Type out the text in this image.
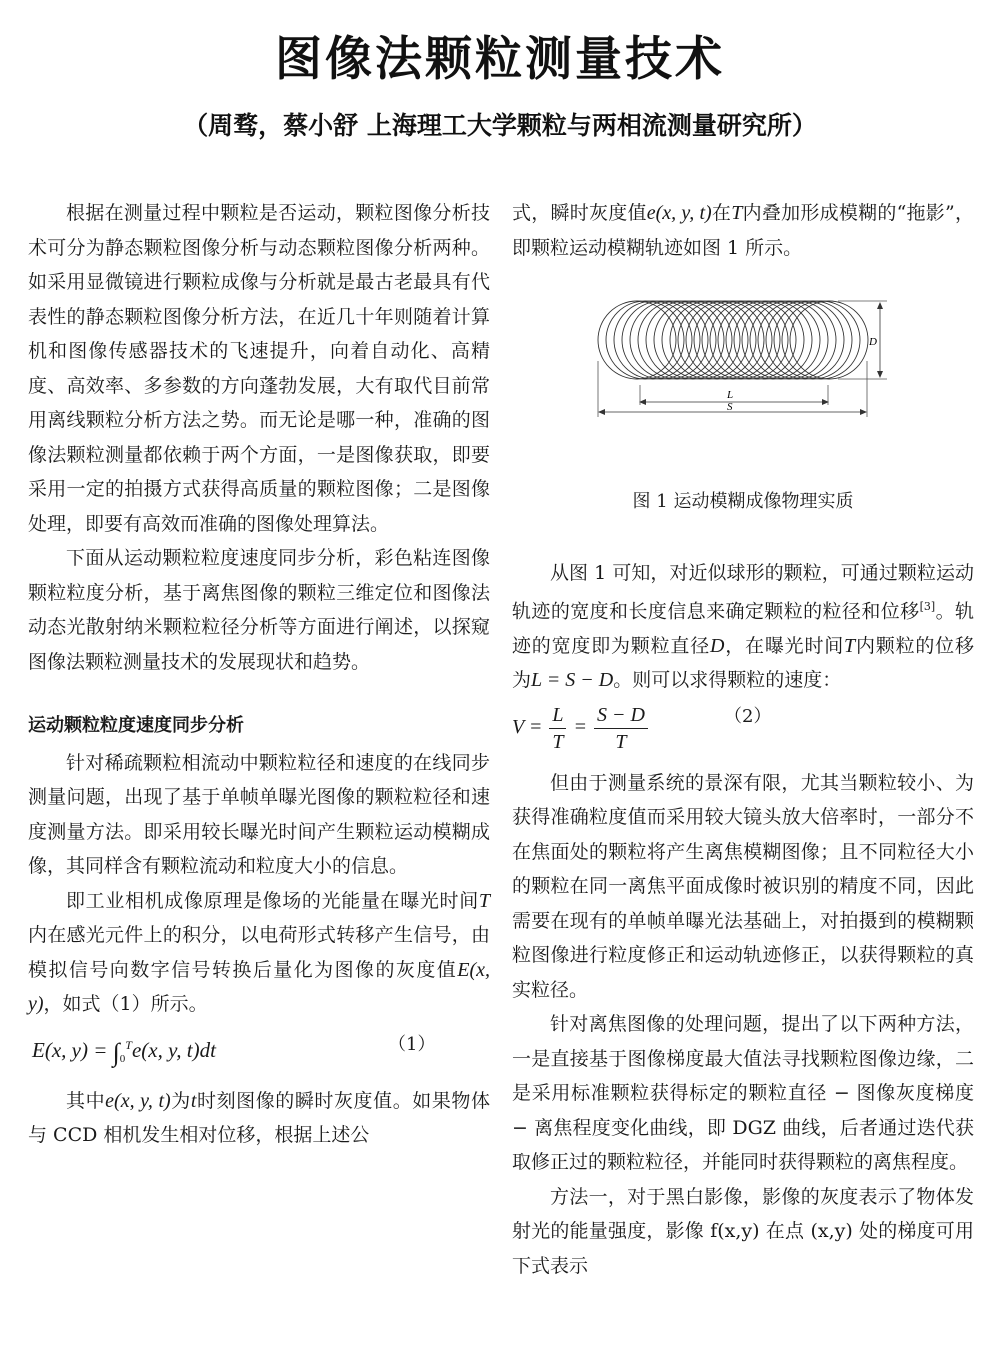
图像法颗粒测量技术
（周骛，蔡小舒 上海理工大学颗粒与两相流测量研究所）

根据在测量过程中颗粒是否运动，颗粒图像分析技术可分为静态颗粒图像分析与动态颗粒图像分析两种。如采用显微镜进行颗粒成像与分析就是最古老最具有代表性的静态颗粒图像分析方法，在近几十年则随着计算机和图像传感器技术的飞速提升，向着自动化、高精度、高效率、多参数的方向蓬勃发展，大有取代目前常用离线颗粒分析方法之势。而无论是哪一种，准确的图像法颗粒测量都依赖于两个方面，一是图像获取，即要采用一定的拍摄方式获得高质量的颗粒图像；二是图像处理，即要有高效而准确的图像处理算法。

下面从运动颗粒粒度速度同步分析，彩色粘连图像颗粒粒度分析，基于离焦图像的颗粒三维定位和图像法动态光散射纳米颗粒粒径分析等方面进行阐述，以探窥图像法颗粒测量技术的发展现状和趋势。

运动颗粒粒度速度同步分析

针对稀疏颗粒相流动中颗粒粒径和速度的在线同步测量问题，出现了基于单帧单曝光图像的颗粒粒径和速度测量方法。即采用较长曝光时间产生颗粒运动模糊成像，其同样含有颗粒流动和粒度大小的信息。

即工业相机成像原理是像场的光能量在曝光时间T内在感光元件上的积分，以电荷形式转移产生信号，由模拟信号向数字信号转换后量化为图像的灰度值E(x, y)，如式（1）所示。

E(x, $y) = \int_0^Te(x$, y, t)dt	（1）

其中e(x, y, t)为t时刻图像的瞬时灰度值。如果物体与 CCD 相机发生相对位移，根据上述公

式，瞬时灰度值e(x, y, t)在T内叠加形成模糊的“拖影”，即颗粒运动模糊轨迹如图 1 所示。

D
L
S
图 1 运动模糊成像物理实质

从图 1 可知，对近似球形的颗粒，可通过颗粒运动轨迹的宽度和长度信息来确定颗粒的粒径和位移[3]。轨迹的宽度即为颗粒直径D，在曝光时间T内颗粒的位移为L = S − D。则可以求得颗粒的速度：

$V = \frac{L}{T} = \frac{S - D}{T}$	（2）

但由于测量系统的景深有限，尤其当颗粒较小、为获得准确粒度值而采用较大镜头放大倍率时，一部分不在焦面处的颗粒将产生离焦模糊图像；且不同粒径大小的颗粒在同一离焦平面成像时被识别的精度不同，因此需要在现有的单帧单曝光法基础上，对拍摄到的模糊颗粒图像进行粒度修正和运动轨迹修正，以获得颗粒的真实粒径。

针对离焦图像的处理问题，提出了以下两种方法，一是直接基于图像梯度最大值法寻找颗粒图像边缘，二是采用标准颗粒获得标定的颗粒直径 − 图像灰度梯度 − 离焦程度变化曲线，即 DGZ 曲线，后者通过迭代获取修正过的颗粒粒径，并能同时获得颗粒的离焦程度。

方法一，对于黑白影像，影像的灰度表示了物体发射光的能量强度，影像 f(x,y) 在点 (x,y) 处的梯度可用下式表示
